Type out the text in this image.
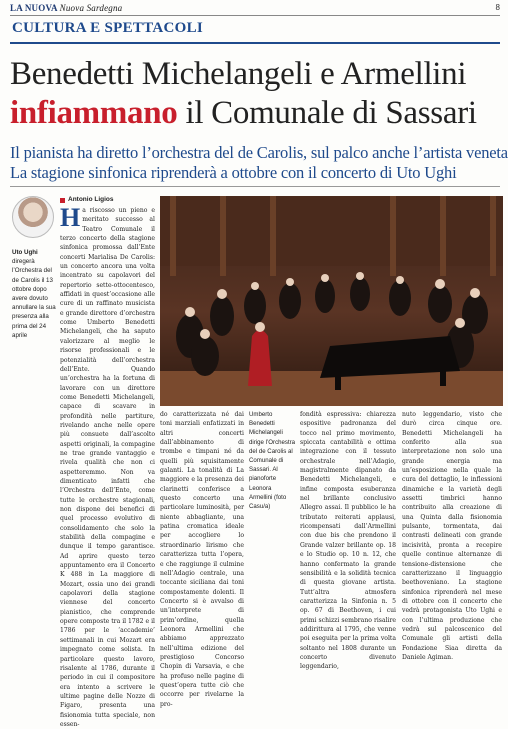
LA NUOVA Nuova Sardegna	8
CULTURA E SPETTACOLI
Benedetti Michelangeli e Armellini
infiammano il Comunale di Sassari
Il pianista ha diretto l’orchestra del de Carolis, sul palco anche l’artista veneta
La stagione sinfonica riprenderà a ottobre con il concerto di Uto Ughi
Uto Ughi
diregerà l’Orchestra del de Carolis il 13 ottobre dopo avere dovuto annullare la sua presenza alla prima del 24 aprile
Antonio Ligios

Ha riscosso un pieno e meritato successo al Teatro Comunale il terzo concerto della stagione sinfonica promossa dall’Ente concerti Marialisa De Carolis: un concerto ancora una volta incentrato su capolavori del repertorio sette-ottocentesco, affidati in quest’occasione alle cure di un raffinato musicista e grande direttore d’orchestra come Umberto Benedetti Michelangeli, che ha saputo valorizzare al meglio le risorse professionali e le potenzialità dell’orchestra dell’Ente. Quando un’orchestra ha la fortuna di lavorare con un direttore come Benedetti Michelangeli, capace di scavare in profondità nelle partiture, rivelando anche nelle opere più consuete dall’ascolto aspetti originali, la compagine ne trae grande vantaggio e rivela qualità che non ci aspetteremmo. Non va dimenticato infatti che l’Orchestra dell’Ente, come tutte le orchestre stagionali, non dispone dei benefici di quel processo evolutivo di consolidamento che solo la stabilità della compagine e dunque il tempo garantisce. Ad aprire questo terzo appuntamento era il Concerto K 488 in La maggiore di Mozart, ossia uno dei grandi capolavori della stagione viennese del concerto pianistico, che comprende opere composte tra il 1782 e il 1786 per le ‘accademie’ settimanali in cui Mozart era impegnato come solista. In particolare questo lavoro, risalente al 1786, durante il periodo in cui il compositore era intento a scrivere le ultime pagine delle Nozze di Figaro, presenta una fisionomia tutta speciale, non essen-

do caratterizzata né dai toni marziali enfatizzati in altri concerti dall’abbinamento di trombe e timpani né da quelli più squisitamente galanti. La tonalità di La maggiore e la presenza dei clarinetti conferisce a questo concerto una particolare luminosità, per niente abbagliante, una patina cromatica ideale per accogliere lo straordinario lirismo che caratterizza tutta l’opera, e che raggiunge il culmine nell’Adagio centrale, una toccante siciliana dai toni compostamente dolenti. Il Concerto si è avvalso di un’interprete di prim’ordine, quella Leonora Armellini che abbiamo apprezzato nell’ultima edizione del prestigioso Concorso Chopin di Varsavia, e che ha profuso nelle pagine di quest’opera tutte ciò che occorre per rivelarne la pro-

Umberto Benedetti Michelangeli dirige l’Orchestra del de Carolis al Comunale di Sassari. Al pianoforte Leonora Armellini (foto Casu/a)

fondità espressiva: chiarezza espositive padronanza del tocco nel primo movimento, spiccata cantabilità e ottima integrazione con il tessuto orchestrale nell’Adagio, magistralmente dipanato da Benedetti Michelangeli, e infine composta esuberanza nel brillante conclusivo Allegro assai. Il pubblico le ha tributato reiterati applausi, ricompensati dall’Armellini con due bis che prendono il Grande valzer brillante op. 18 e lo Studio op. 10 n. 12, che hanno confermato la grande sensibilità e la solidità tecnica di questa giovane artista. Tutt’altra atmosfera caratterizza la Sinfonia n. 5 op. 67 di Beethoven, i cui primi schizzi sembrano risalire addirittura al 1795, che venne poi eseguita per la prima volta soltanto nel 1808 durante un concerto divenuto leggendario,

nuto leggendario, visto che durò circa cinque ore. Benedetti Michelangeli ha conferito alla sua interpretazione non solo una grande energia ma un’esposizione nella quale la cura del dettaglio, le inflessioni dinamiche e la varietà degli assetti timbrici hanno contribuito alla creazione di una Quinta dalla fisionomia pulsante, tormentata, dai contrasti delineati con grande incisività, pronta a recepire quelle continue alternanze di tensione-distensione che caratterizzano il linguaggio beethoveniano. La stagione sinfonica riprenderà nel mese di ottobre con il concerto che vedrà protagonista Uto Ughi e con l’ultima produzione che vedrà sul palcoscenico del Comunale gli artisti della Fondazione Siaa diretta da Daniele Agiman.
